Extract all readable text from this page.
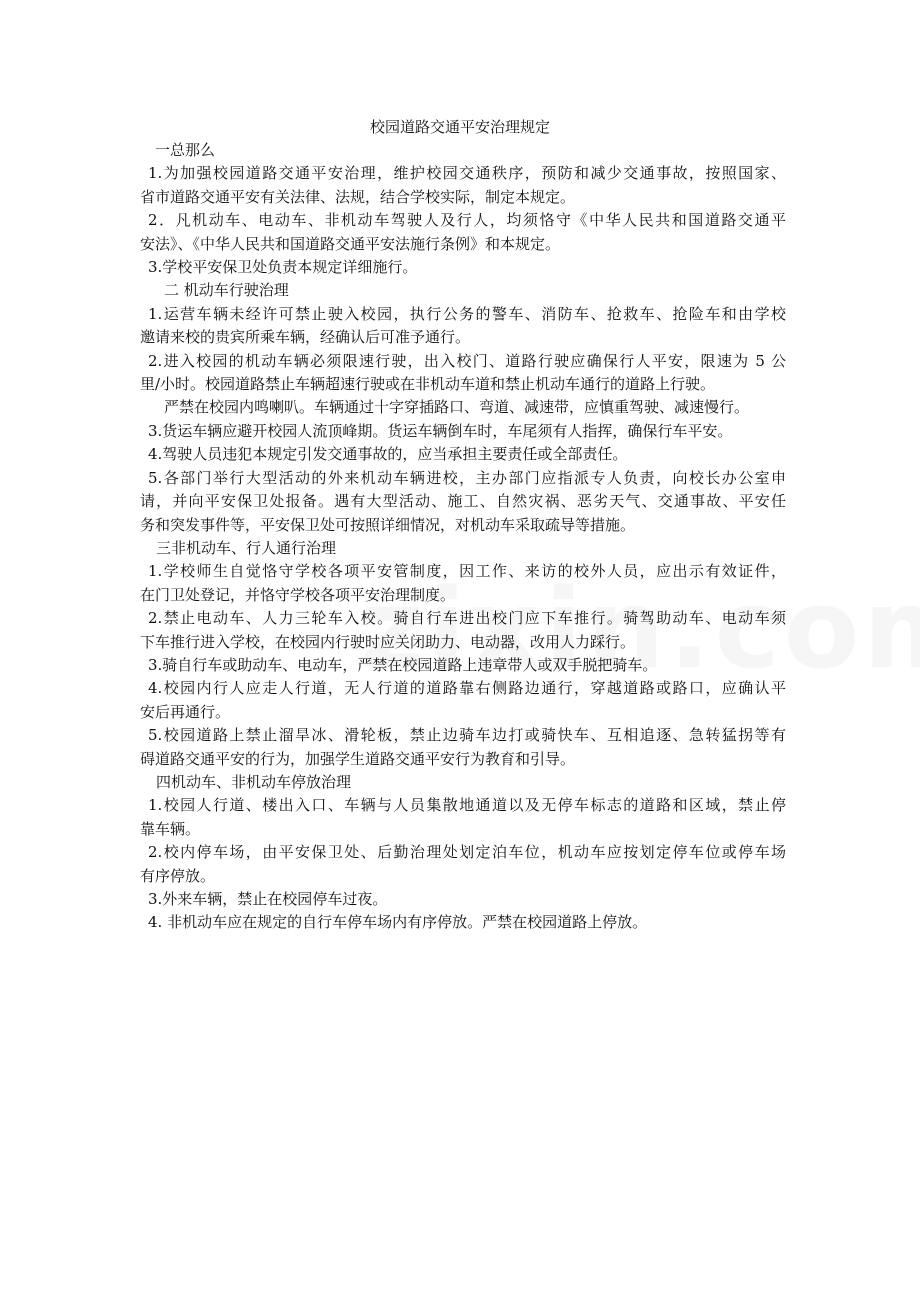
校园道路交通平安治理规定
一总那么
1.为加强校园道路交通平安治理，维护校园交通秩序，预防和减少交通事故，按照国家、
省市道路交通平安有关法律、法规，结合学校实际，制定本规定。
2．凡机动车、电动车、非机动车驾驶人及行人，均须恪守《中华人民共和国道路交通平
安法》、《中华人民共和国道路交通平安法施行条例》和本规定。
3.学校平安保卫处负责本规定详细施行。
二 机动车行驶治理
1.运营车辆未经许可禁止驶入校园，执行公务的警车、消防车、抢救车、抢险车和由学校
邀请来校的贵宾所乘车辆，经确认后可准予通行。
2.进入校园的机动车辆必须限速行驶，出入校门、道路行驶应确保行人平安，限速为 5 公
里/小时。校园道路禁止车辆超速行驶或在非机动车道和禁止机动车通行的道路上行驶。
严禁在校园内鸣喇叭。车辆通过十字穿插路口、弯道、减速带，应慎重驾驶、减速慢行。
3.货运车辆应避开校园人流顶峰期。货运车辆倒车时，车尾须有人指挥，确保行车平安。
4.驾驶人员违犯本规定引发交通事故的，应当承担主要责任或全部责任。
5.各部门举行大型活动的外来机动车辆进校，主办部门应指派专人负责，向校长办公室申
请，并向平安保卫处报备。遇有大型活动、施工、自然灾祸、恶劣天气、交通事故、平安任
务和突发事件等，平安保卫处可按照详细情况，对机动车采取疏导等措施。
三非机动车、行人通行治理
1.学校师生自觉恪守学校各项平安管制度，因工作、来访的校外人员，应出示有效证件，
在门卫处登记，并恪守学校各项平安治理制度。
2.禁止电动车、人力三轮车入校。骑自行车进出校门应下车推行。骑驾助动车、电动车须
下车推行进入学校，在校园内行驶时应关闭助力、电动器，改用人力踩行。
3.骑自行车或助动车、电动车，严禁在校园道路上违章带人或双手脱把骑车。
4.校园内行人应走人行道，无人行道的道路靠右侧路边通行，穿越道路或路口，应确认平
安后再通行。
5.校园道路上禁止溜旱冰、滑轮板，禁止边骑车边打或骑快车、互相追逐、急转猛拐等有
碍道路交通平安的行为，加强学生道路交通平安行为教育和引导。
四机动车、非机动车停放治理
1.校园人行道、楼出入口、车辆与人员集散地通道以及无停车标志的道路和区域，禁止停
靠车辆。
2.校内停车场，由平安保卫处、后勤治理处划定泊车位，机动车应按划定停车位或停车场
有序停放。
3.外来车辆，禁止在校园停车过夜。
4. 非机动车应在规定的自行车停车场内有序停放。严禁在校园道路上停放。
